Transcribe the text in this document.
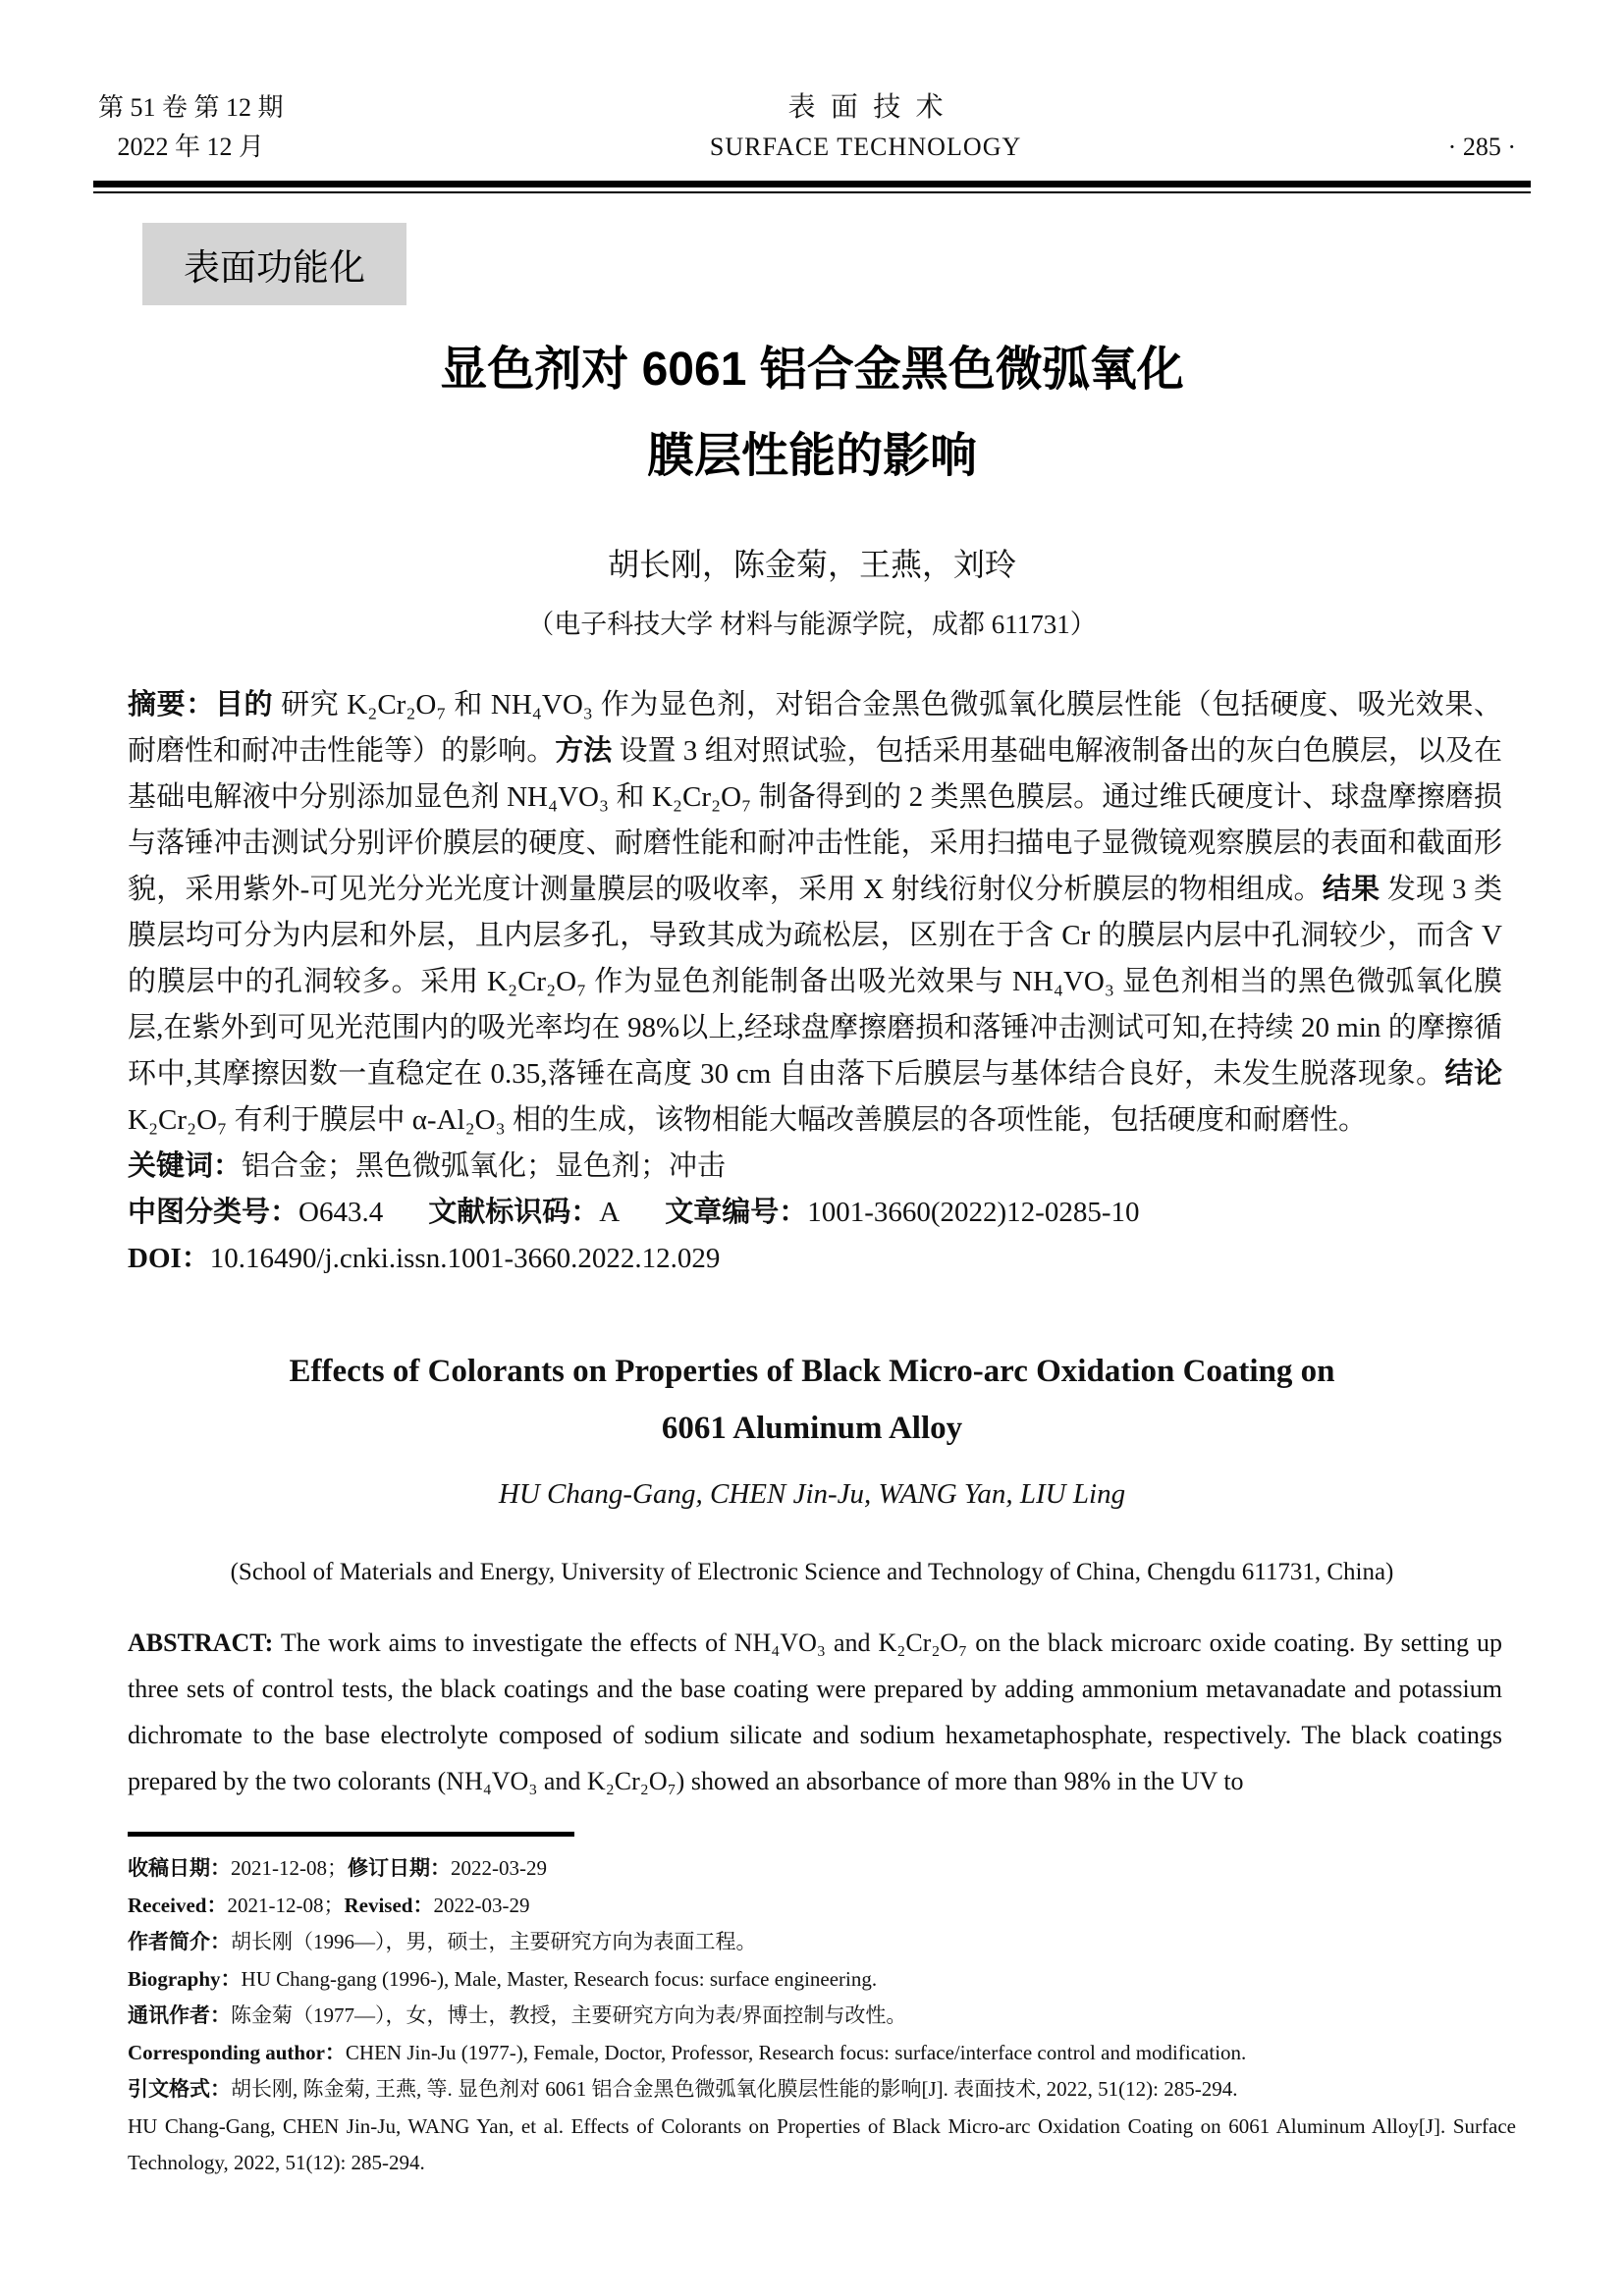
第 51 卷 第 12 期
2022 年 12 月
表面技术
SURFACE TECHNOLOGY	· 285 ·
表面功能化
显色剂对 6061 铝合金黑色微弧氧化
膜层性能的影响
胡长刚，陈金菊，王燕，刘玲
（电子科技大学 材料与能源学院，成都 611731）

摘要：目的 研究 K₂Cr₂O₇ 和 NH₄VO₃ 作为显色剂，对铝合金黑色微弧氧化膜层性能（包括硬度、吸光效果、耐磨性和耐冲击性能等）的影响。方法 设置 3 组对照试验，包括采用基础电解液制备出的灰白色膜层，以及在基础电解液中分别添加显色剂 NH₄VO₃ 和 K₂Cr₂O₇ 制备得到的 2 类黑色膜层。通过维氏硬度计、球盘摩擦磨损与落锤冲击测试分别评价膜层的硬度、耐磨性能和耐冲击性能，采用扫描电子显微镜观察膜层的表面和截面形貌，采用紫外-可见光分光光度计测量膜层的吸收率，采用 X 射线衍射仪分析膜层的物相组成。结果 发现 3 类膜层均可分为内层和外层，且内层多孔，导致其成为疏松层，区别在于含 Cr 的膜层内层中孔洞较少，而含 V 的膜层中的孔洞较多。采用 K₂Cr₂O₇ 作为显色剂能制备出吸光效果与 NH₄VO₃ 显色剂相当的黑色微弧氧化膜层,在紫外到可见光范围内的吸光率均在 98%以上,经球盘摩擦磨损和落锤冲击测试可知,在持续 20 min 的摩擦循环中,其摩擦因数一直稳定在 0.35,落锤在高度 30 cm 自由落下后膜层与基体结合良好，未发生脱落现象。结论 K₂Cr₂O₇ 有利于膜层中 α-Al₂O₃ 相的生成，该物相能大幅改善膜层的各项性能，包括硬度和耐磨性。

关键词：铝合金；黑色微弧氧化；显色剂；冲击
中图分类号：O643.4 文献标识码：A 文章编号：1001-3660(2022)12-0285-10
DOI：10.16490/j.cnki.issn.1001-3660.2022.12.029
Effects of Colorants on Properties of Black Micro-arc Oxidation Coating on 6061 Aluminum Alloy
HU Chang-Gang, CHEN Jin-Ju, WANG Yan, LIU Ling
(School of Materials and Energy, University of Electronic Science and Technology of China, Chengdu 611731, China)

ABSTRACT: The work aims to investigate the effects of NH₄VO₃ and K₂Cr₂O₇ on the black microarc oxide coating. By setting up three sets of control tests, the black coatings and the base coating were prepared by adding ammonium metavanadate and potassium dichromate to the base electrolyte composed of sodium silicate and sodium hexametaphosphate, respectively. The black coatings prepared by the two colorants (NH₄VO₃ and K₂Cr₂O₇) showed an absorbance of more than 98% in the UV to

收稿日期：2021-12-08；修订日期：2022-03-29
Received：2021-12-08；Revised：2022-03-29
作者简介：胡长刚（1996—），男，硕士，主要研究方向为表面工程。
Biography：HU Chang-gang (1996-), Male, Master, Research focus: surface engineering.
通讯作者：陈金菊（1977—），女，博士，教授，主要研究方向为表/界面控制与改性。
Corresponding author：CHEN Jin-Ju (1977-), Female, Doctor, Professor, Research focus: surface/interface control and modification.
引文格式：胡长刚, 陈金菊, 王燕, 等. 显色剂对 6061 铝合金黑色微弧氧化膜层性能的影响[J]. 表面技术, 2022, 51(12): 285-294.
HU Chang-Gang, CHEN Jin-Ju, WANG Yan, et al. Effects of Colorants on Properties of Black Micro-arc Oxidation Coating on 6061 Aluminum Alloy[J]. Surface Technology, 2022, 51(12): 285-294.
